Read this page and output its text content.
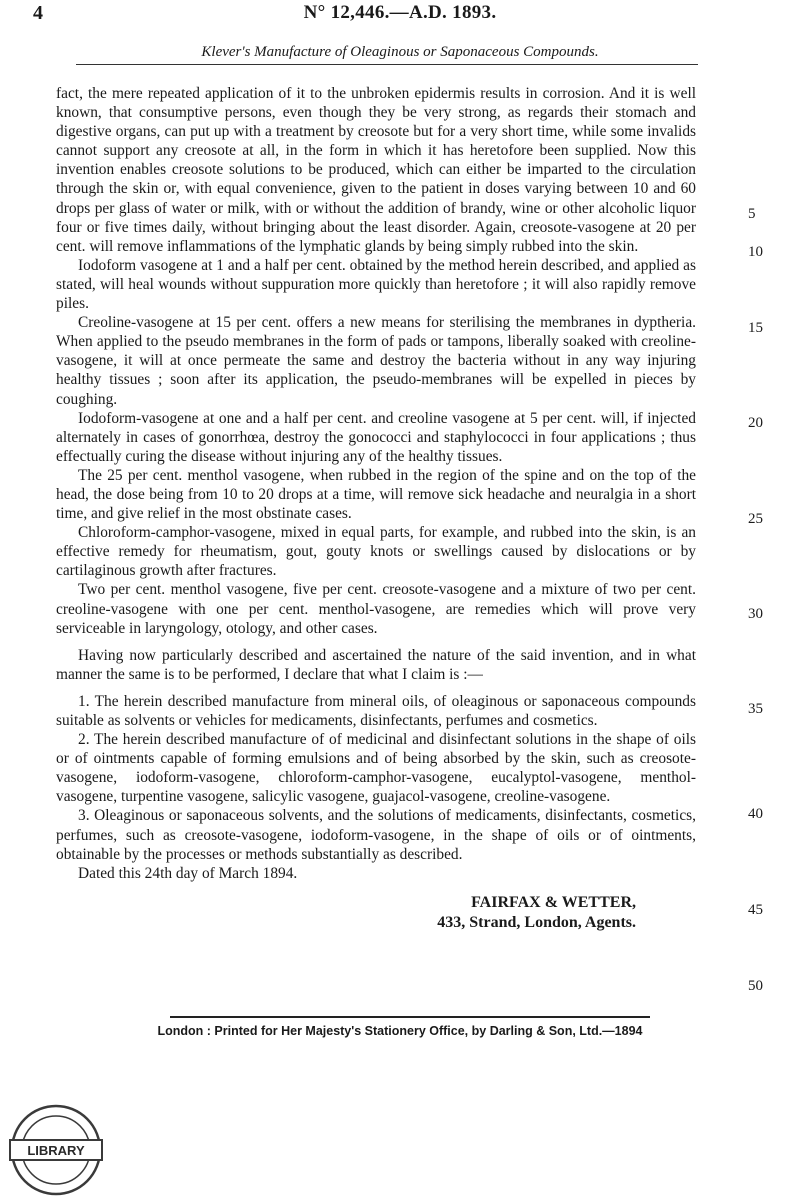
4	N° 12,446.—A.D. 1893.
Klever's Manufacture of Oleaginous or Saponaceous Compounds.

fact, the mere repeated application of it to the unbroken epidermis results in corrosion. And it is well known, that consumptive persons, even though they be very strong, as regards their stomach and digestive organs, can put up with a treatment by creosote but for a very short time, while some invalids cannot support any creosote at all, in the form in which it has heretofore been supplied. Now this invention enables creosote solutions to be produced, which can either be imparted to the circulation through the skin or, with equal convenience, given to the patient in doses varying between 10 and 60 drops per glass of water or milk, with or without the addition of brandy, wine or other alcoholic liquor four or five times daily, without bringing about the least disorder. Again, creosote-vasogene at 20 per cent. will remove inflammations of the lymphatic glands by being simply rubbed into the skin.

Iodoform vasogene at 1 and a half per cent. obtained by the method herein described, and applied as stated, will heal wounds without suppuration more quickly than heretofore ; it will also rapidly remove piles.

Creoline-vasogene at 15 per cent. offers a new means for sterilising the membranes in dyptheria. When applied to the pseudo membranes in the form of pads or tampons, liberally soaked with creoline-vasogene, it will at once permeate the same and destroy the bacteria without in any way injuring healthy tissues ; soon after its application, the pseudo-membranes will be expelled in pieces by coughing.

Iodoform-vasogene at one and a half per cent. and creoline vasogene at 5 per cent. will, if injected alternately in cases of gonorrhœa, destroy the gonococci and staphylococci in four applications ; thus effectually curing the disease without injuring any of the healthy tissues.

The 25 per cent. menthol vasogene, when rubbed in the region of the spine and on the top of the head, the dose being from 10 to 20 drops at a time, will remove sick headache and neuralgia in a short time, and give relief in the most obstinate cases.

Chloroform-camphor-vasogene, mixed in equal parts, for example, and rubbed into the skin, is an effective remedy for rheumatism, gout, gouty knots or swellings caused by dislocations or by cartilaginous growth after fractures.

Two per cent. menthol vasogene, five per cent. creosote-vasogene and a mixture of two per cent. creoline-vasogene with one per cent. menthol-vasogene, are remedies which will prove very serviceable in laryngology, otology, and other cases.

Having now particularly described and ascertained the nature of the said invention, and in what manner the same is to be performed, I declare that what I claim is :—

1. The herein described manufacture from mineral oils, of oleaginous or saponaceous compounds suitable as solvents or vehicles for medicaments, disinfectants, perfumes and cosmetics.

2. The herein described manufacture of of medicinal and disinfectant solutions in the shape of oils or of ointments capable of forming emulsions and of being absorbed by the skin, such as creosote-vasogene, iodoform-vasogene, chloroform-camphor-vasogene, eucalyptol-vasogene, menthol-vasogene, turpentine vasogene, salicylic vasogene, guajacol-vasogene, creoline-vasogene.

3. Oleaginous or saponaceous solvents, and the solutions of medicaments, disinfectants, cosmetics, perfumes, such as creosote-vasogene, iodoform-vasogene, in the shape of oils or of ointments, obtainable by the processes or methods substantially as described.

Dated this 24th day of March 1894.

FAIRFAX & WETTER,
433, Strand, London, Agents.
5
10
15
20
25
30
35
40
45
50
London : Printed for Her Majesty's Stationery Office, by Darling & Son, Ltd.—1894
LIBRARY
